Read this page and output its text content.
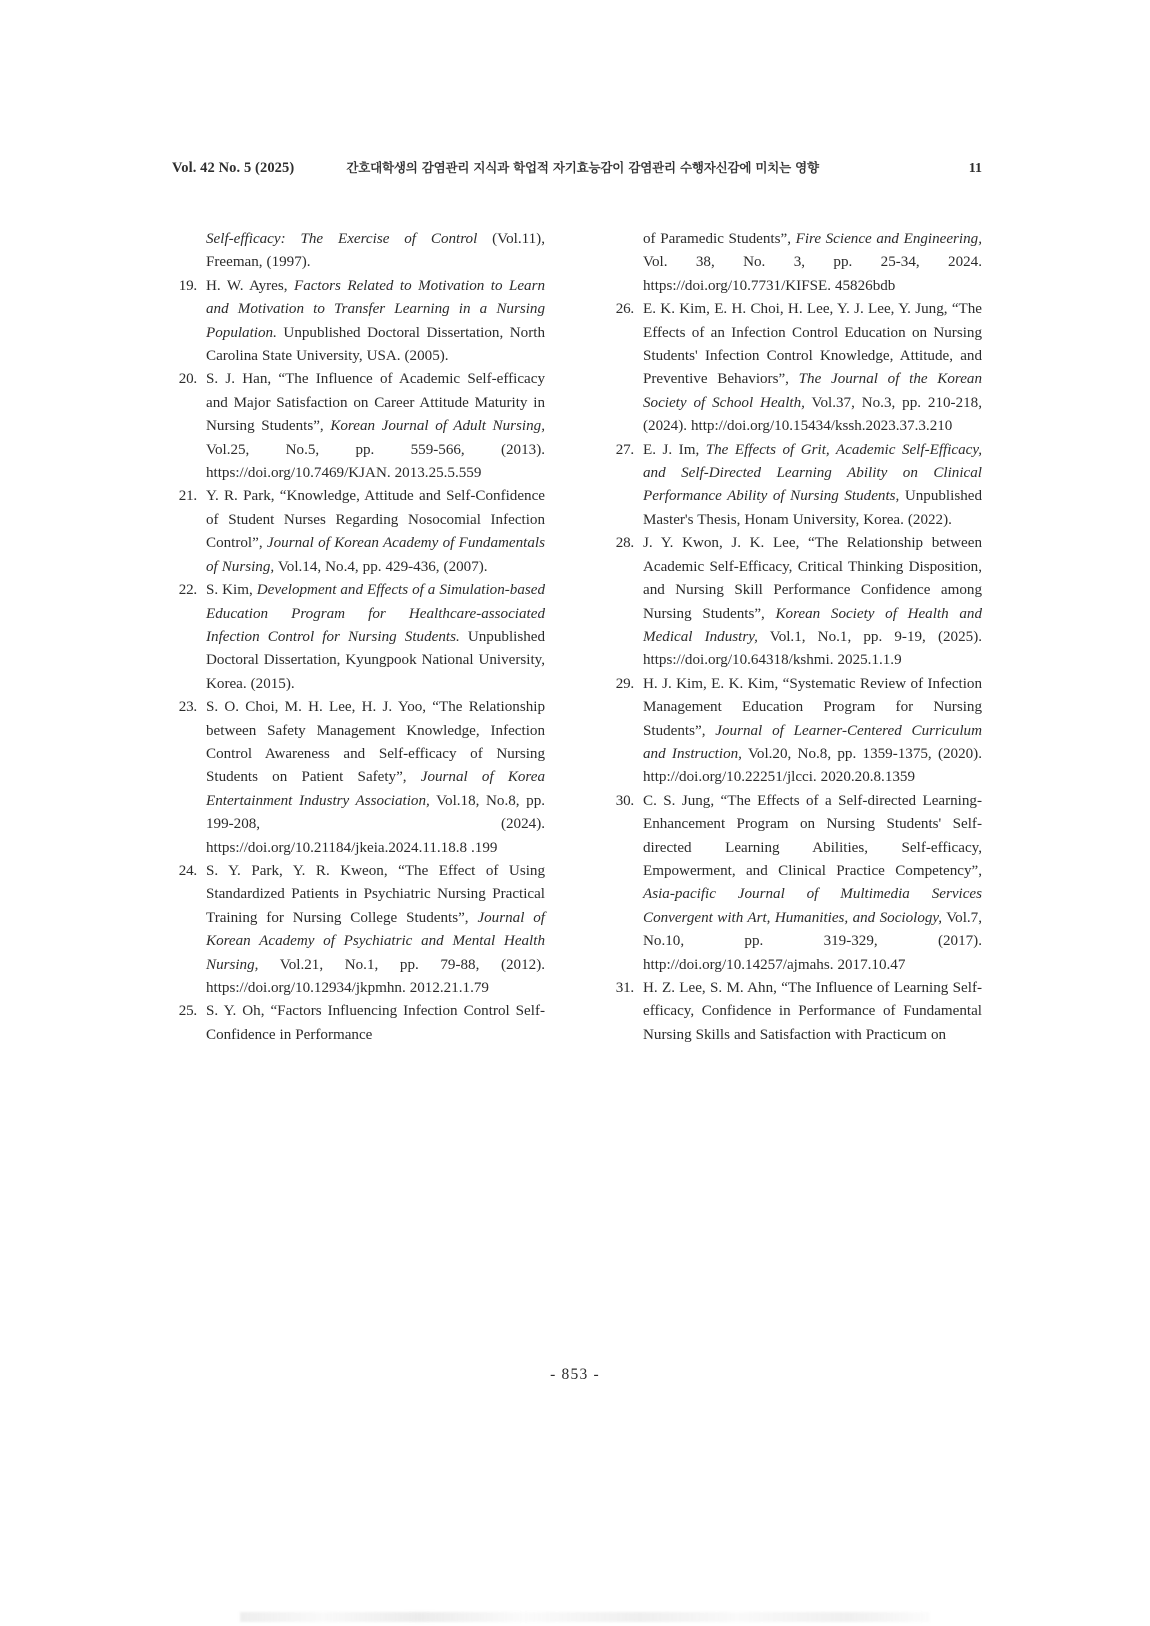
Vol. 42 No. 5 (2025)	간호대학생의 감염관리 지식과 학업적 자기효능감이 감염관리 수행자신감에 미치는 영향	11
Self-efficacy: The Exercise of Control (Vol.11), Freeman, (1997).
19. H. W. Ayres, Factors Related to Motivation to Learn and Motivation to Transfer Learning in a Nursing Population. Unpublished Doctoral Dissertation, North Carolina State University, USA. (2005).
20. S. J. Han, “The Influence of Academic Self-efficacy and Major Satisfaction on Career Attitude Maturity in Nursing Students”, Korean Journal of Adult Nursing, Vol.25, No.5, pp. 559-566, (2013). https://doi.org/10.7469/KJAN. 2013.25.5.559
21. Y. R. Park, “Knowledge, Attitude and Self-Confidence of Student Nurses Regarding Nosocomial Infection Control”, Journal of Korean Academy of Fundamentals of Nursing, Vol.14, No.4, pp. 429-436, (2007).
22. S. Kim, Development and Effects of a Simulation-based Education Program for Healthcare-associated Infection Control for Nursing Students. Unpublished Doctoral Dissertation, Kyungpook National University, Korea. (2015).
23. S. O. Choi, M. H. Lee, H. J. Yoo, “The Relationship between Safety Management Knowledge, Infection Control Awareness and Self-efficacy of Nursing Students on Patient Safety”, Journal of Korea Entertainment Industry Association, Vol.18, No.8, pp. 199-208, (2024). https://doi.org/10.21184/jkeia.2024.11.18.8 .199
24. S. Y. Park, Y. R. Kweon, “The Effect of Using Standardized Patients in Psychiatric Nursing Practical Training for Nursing College Students”, Journal of Korean Academy of Psychiatric and Mental Health Nursing, Vol.21, No.1, pp. 79-88, (2012). https://doi.org/10.12934/jkpmhn. 2012.21.1.79
25. S. Y. Oh, “Factors Influencing Infection Control Self-Confidence in Performance
of Paramedic Students”, Fire Science and Engineering, Vol. 38, No. 3, pp. 25-34, 2024. https://doi.org/10.7731/KIFSE. 45826bdb
26. E. K. Kim, E. H. Choi, H. Lee, Y. J. Lee, Y. Jung, “The Effects of an Infection Control Education on Nursing Students' Infection Control Knowledge, Attitude, and Preventive Behaviors”, The Journal of the Korean Society of School Health, Vol.37, No.3, pp. 210-218, (2024). http://doi.org/10.15434/kssh.2023.37.3.210
27. E. J. Im, The Effects of Grit, Academic Self-Efficacy, and Self-Directed Learning Ability on Clinical Performance Ability of Nursing Students, Unpublished Master's Thesis, Honam University, Korea. (2022).
28. J. Y. Kwon, J. K. Lee, “The Relationship between Academic Self-Efficacy, Critical Thinking Disposition, and Nursing Skill Performance Confidence among Nursing Students”, Korean Society of Health and Medical Industry, Vol.1, No.1, pp. 9-19, (2025). https://doi.org/10.64318/kshmi. 2025.1.1.9
29. H. J. Kim, E. K. Kim, “Systematic Review of Infection Management Education Program for Nursing Students”, Journal of Learner-Centered Curriculum and Instruction, Vol.20, No.8, pp. 1359-1375, (2020). http://doi.org/10.22251/jlcci. 2020.20.8.1359
30. C. S. Jung, “The Effects of a Self-directed Learning-Enhancement Program on Nursing Students' Self-directed Learning Abilities, Self-efficacy, Empowerment, and Clinical Practice Competency”, Asia-pacific Journal of Multimedia Services Convergent with Art, Humanities, and Sociology, Vol.7, No.10, pp. 319-329, (2017). http://doi.org/10.14257/ajmahs. 2017.10.47
31. H. Z. Lee, S. M. Ahn, “The Influence of Learning Self-efficacy, Confidence in Performance of Fundamental Nursing Skills and Satisfaction with Practicum on
- 853 -
